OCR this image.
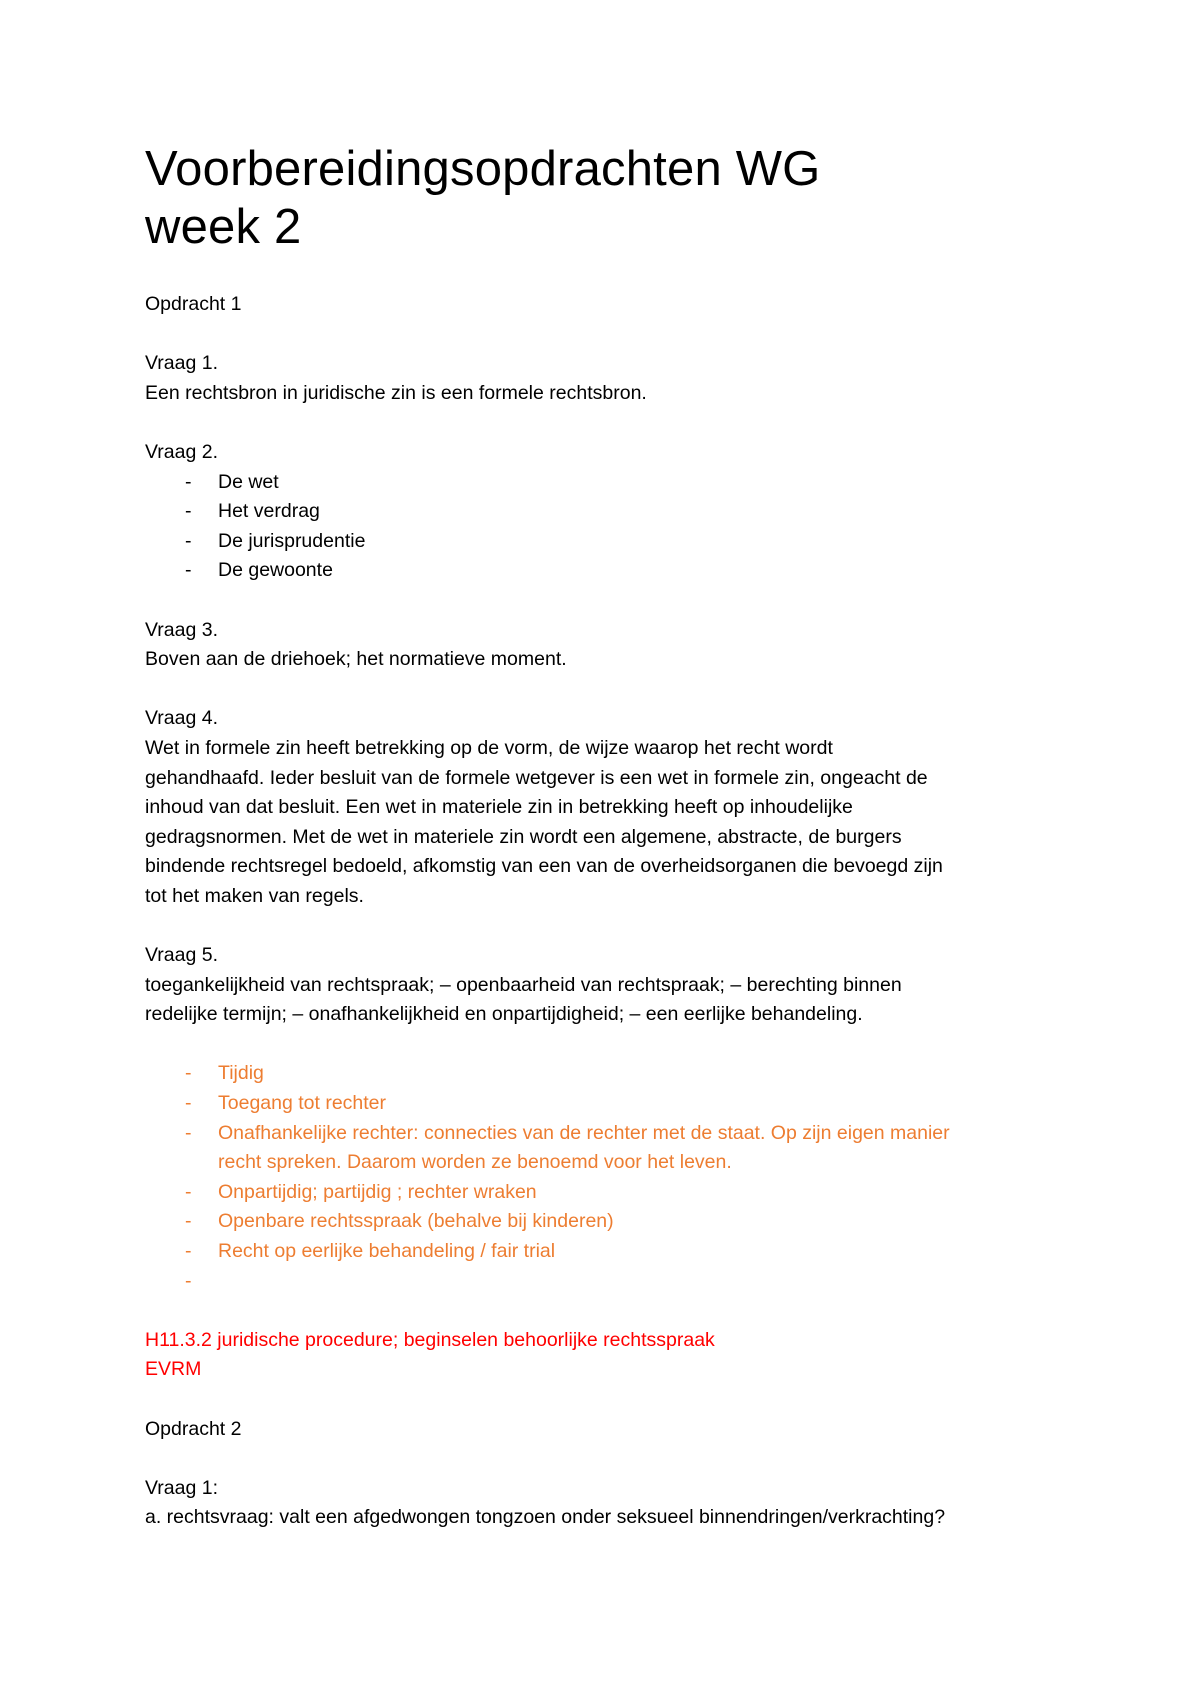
Voorbereidingsopdrachten WG
week 2

Opdracht 1

Vraag 1.

Een rechtsbron in juridische zin is een formele rechtsbron.

Vraag 2.

- De wet
- Het verdrag
- De jurisprudentie
- De gewoonte

Vraag 3.

Boven aan de driehoek; het normatieve moment.

Vraag 4.

Wet in formele zin heeft betrekking op de vorm, de wijze waarop het recht wordt
gehandhaafd. Ieder besluit van de formele wetgever is een wet in formele zin, ongeacht de
inhoud van dat besluit. Een wet in materiele zin in betrekking heeft op inhoudelijke
gedragsnormen. Met de wet in materiele zin wordt een algemene, abstracte, de burgers
bindende rechtsregel bedoeld, afkomstig van een van de overheidsorganen die bevoegd zijn
tot het maken van regels.

Vraag 5.

toegankelijkheid van rechtspraak; – openbaarheid van rechtspraak; – berechting binnen
redelijke termijn; – onafhankelijkheid en onpartijdigheid; – een eerlijke behandeling.

- Tijdig
- Toegang tot rechter
- Onafhankelijke rechter: connecties van de rechter met de staat. Op zijn eigen manier
recht spreken. Daarom worden ze benoemd voor het leven.
- Onpartijdig; partijdig ; rechter wraken
- Openbare rechtsspraak (behalve bij kinderen)
- Recht op eerlijke behandeling / fair trial
-

H11.3.2 juridische procedure; beginselen behoorlijke rechtsspraak
EVRM

Opdracht 2

Vraag 1:

a. rechtsvraag: valt een afgedwongen tongzoen onder seksueel binnendringen/verkrachting?
